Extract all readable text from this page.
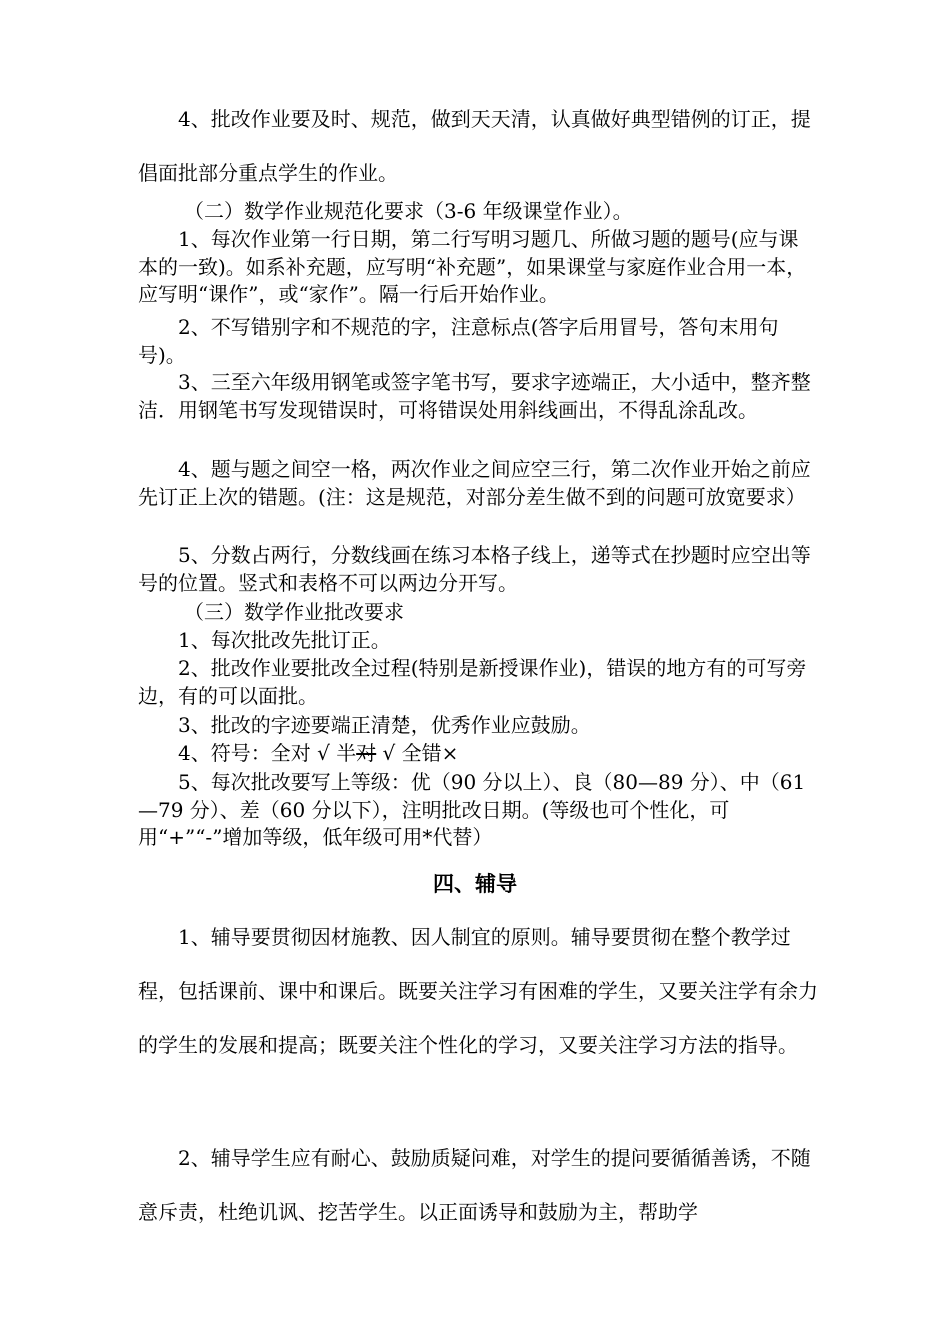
4、批改作业要及时、规范，做到天天清，认真做好典型错例的订正，提倡面批部分重点学生的作业。

（二）数学作业规范化要求（3-6 年级课堂作业）。

1、每次作业第一行日期，第二行写明习题几、所做习题的题号(应与课本的一致)。如系补充题，应写明“补充题”，如果课堂与家庭作业合用一本，应写明“课作”，或“家作”。隔一行后开始作业。

2、不写错别字和不规范的字，注意标点(答字后用冒号，答句末用句号)。

3、三至六年级用钢笔或签字笔书写，要求字迹端正，大小适中，整齐整洁．用钢笔书写发现错误时，可将错误处用斜线画出，不得乱涂乱改。

4、题与题之间空一格，两次作业之间应空三行，第二次作业开始之前应先订正上次的错题。(注：这是规范，对部分差生做不到的问题可放宽要求）

5、分数占两行，分数线画在练习本格子线上，递等式在抄题时应空出等号的位置。竖式和表格不可以两边分开写。

（三）数学作业批改要求

1、每次批改先批订正。

2、批改作业要批改全过程(特别是新授课作业)，错误的地方有的可写旁边，有的可以面批。

3、批改的字迹要端正清楚，优秀作业应鼓励。

4、符号：全对 √ 半对 √ 全错×

5、每次批改要写上等级：优（90 分以上）、良（80—89 分）、中（61—79 分）、差（60 分以下），注明批改日期。(等级也可个性化，可用“+”“-”增加等级，低年级可用*代替）

四、辅导

1、辅导要贯彻因材施教、因人制宜的原则。辅导要贯彻在整个教学过程，包括课前、课中和课后。既要关注学习有困难的学生，又要关注学有余力的学生的发展和提高；既要关注个性化的学习，又要关注学习方法的指导。

2、辅导学生应有耐心、鼓励质疑问难，对学生的提问要循循善诱，不随意斥责，杜绝讥讽、挖苦学生。以正面诱导和鼓励为主，帮助学
